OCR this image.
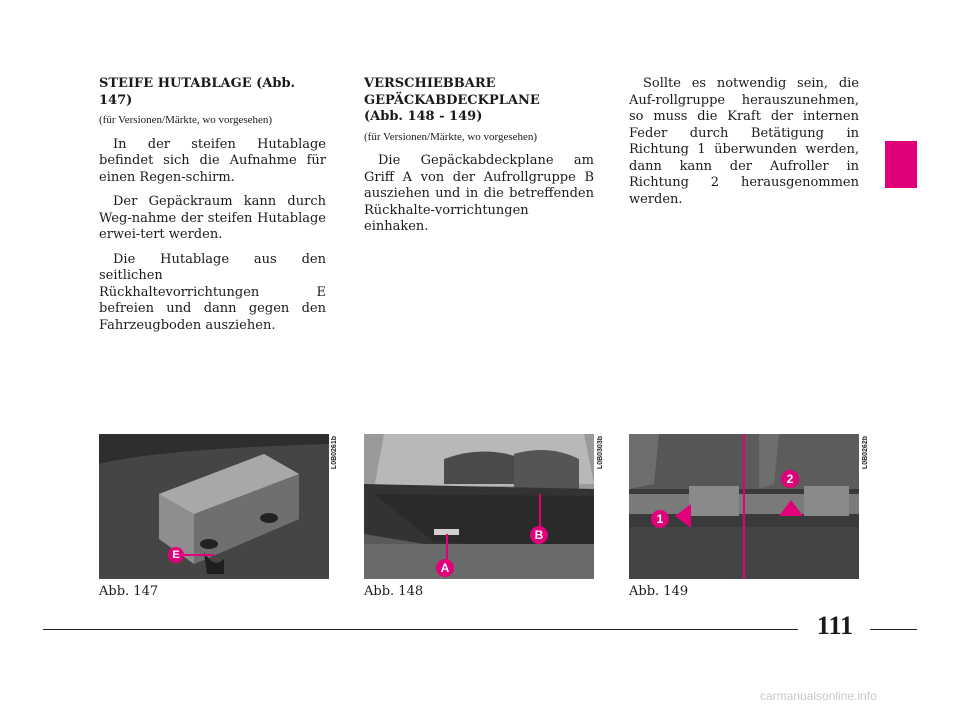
STEIFE HUTABLAGE (Abb. 147)
(für Versionen/Märkte, wo vorgesehen)

In der steifen Hutablage befindet sich die Aufnahme für einen Regen-schirm.

Der Gepäckraum kann durch Weg-nahme der steifen Hutablage erwei-tert werden.

Die Hutablage aus den seitlichen Rückhaltevorrichtungen E befreien und dann gegen den Fahrzeugboden ausziehen.

VERSCHIEBBARE
GEPÄCKABDECKPLANE
(Abb. 148 - 149)
(für Versionen/Märkte, wo vorgesehen)

Die Gepäckabdeckplane am Griff A von der Aufrollgruppe B ausziehen und in die betreffenden Rückhalte-vorrichtungen einhaken.

Sollte es notwendig sein, die Auf-rollgruppe herauszunehmen, so muss die Kraft der internen Feder durch Betätigung in Richtung 1 überwunden werden, dann kann der Aufroller in Richtung 2 herausgenommen werden.

E
L0B0261b
Abb. 147
B
A
L0B0303b
Abb. 148
1
2
L0B0262b
Abb. 149
111
carmanualsonline.info
